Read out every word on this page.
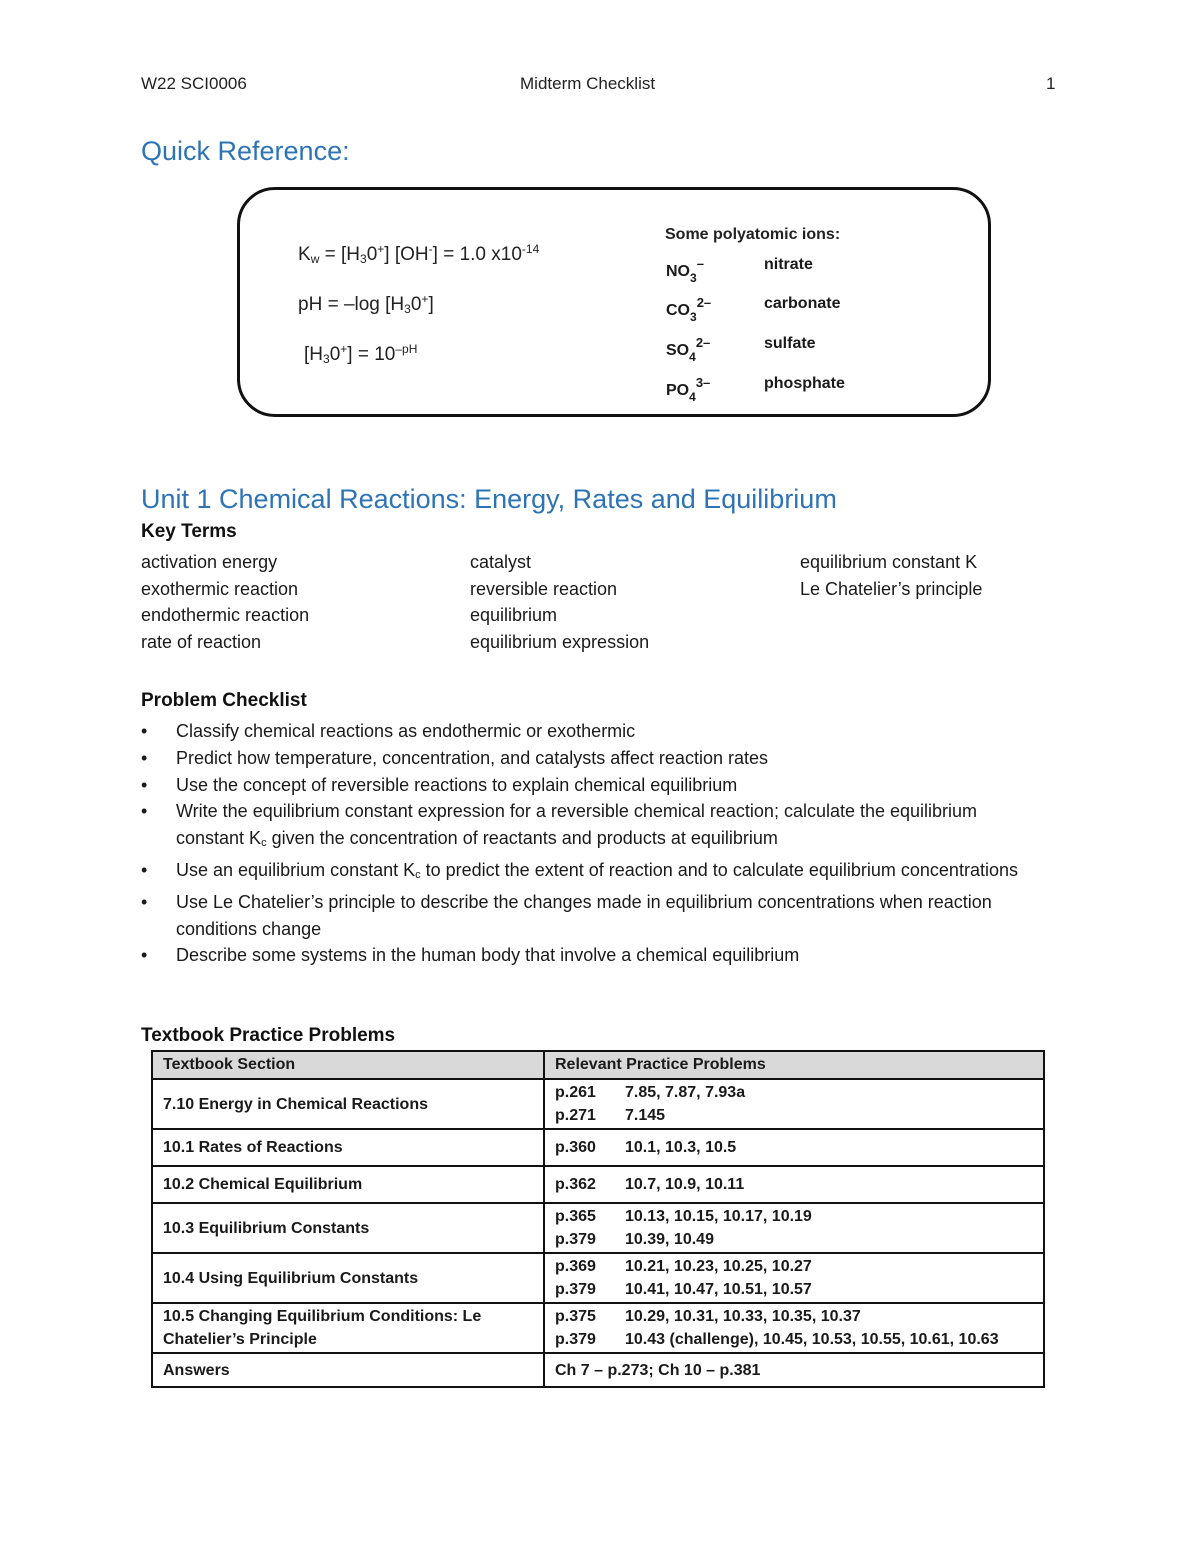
W22 SCI0006	Midterm Checklist	1
Quick Reference:
$K_w = [H_30^+] [OH^-] = 1.0$ $x10^{-14}$
pH = –log $[H_30^+]$
$[H_30^+] = 10^{-pH}$
Some polyatomic ions:
$NO_3^-$	nitrate
$CO_3^{2-}$	carbonate
$SO_4^{2-}$	sulfate
$PO_4^{3-}$	phosphate
Unit 1 Chemical Reactions: Energy, Rates and Equilibrium
Key Terms
activation energy
exothermic reaction
endothermic reaction
rate of reaction
catalyst
reversible reaction
equilibrium
equilibrium expression
equilibrium constant K
Le Chatelier’s principle
Problem Checklist
• Classify chemical reactions as endothermic or exothermic
• Predict how temperature, concentration, and catalysts affect reaction rates
• Use the concept of reversible reactions to explain chemical equilibrium
• Write the equilibrium constant expression for a reversible chemical reaction; calculate the equilibrium constant $K_c$ given the concentration of reactants and products at equilibrium
• Use an equilibrium constant $K_c$ to predict the extent of reaction and to calculate equilibrium concentrations
• Use Le Chatelier’s principle to describe the changes made in equilibrium concentrations when reaction conditions change
• Describe some systems in the human body that involve a chemical equilibrium
Textbook Practice Problems
Textbook Section	Relevant Practice Problems
7.10 Energy in Chemical Reactions	p.261 7.85, 7.87, 7.93a
p.271 7.145

10.1 Rates of Reactions	p.360 10.1, 10.3, 10.5

10.2 Chemical Equilibrium	p.362 10.7, 10.9, 10.11

10.3 Equilibrium Constants	p.365 10.13, 10.15, 10.17, 10.19
p.379 10.39, 10.49

10.4 Using Equilibrium Constants	p.369 10.21, 10.23, 10.25, 10.27
p.379 10.41, 10.47, 10.51, 10.57

10.5 Changing Equilibrium Conditions: Le Chatelier’s Principle	p.375 10.29, 10.31, 10.33, 10.35, 10.37
p.379 10.43 (challenge), 10.45, 10.53, 10.55, 10.61, 10.63

Answers	Ch 7 – p.273; Ch 10 – p.381
